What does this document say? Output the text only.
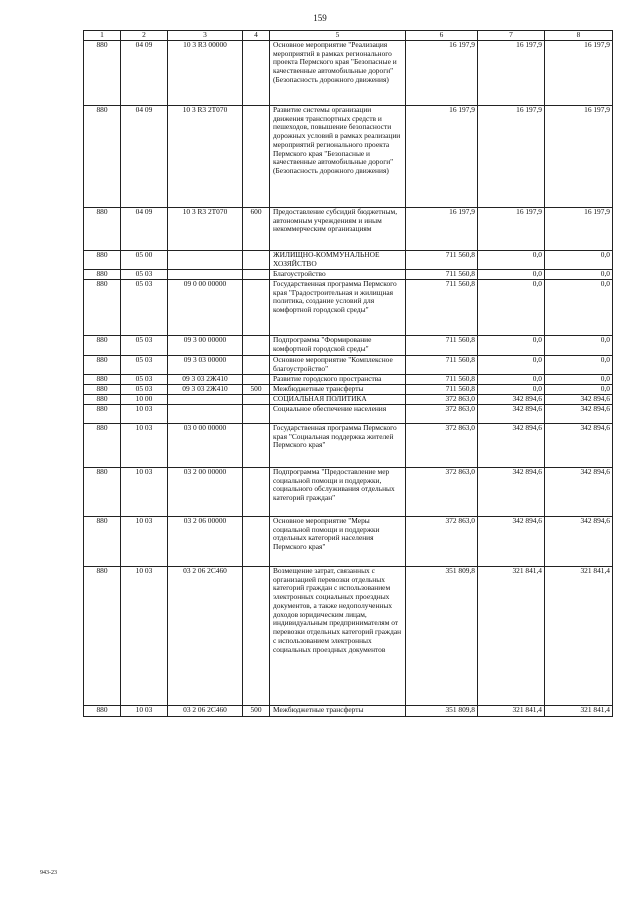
159
1	2	3	4	5	6	7	8
880	04 09	10 3 R3 00000		Основное мероприятие "Реализация мероприятий в рамках регионального проекта Пермского края "Безопасные и качественные автомобильные дороги" (Безопасность дорожного движения)	16 197,9	16 197,9	16 197,9
880	04 09	10 3 R3 2Т070		Развитие системы организации движения транспортных средств и пешеходов, повышение безопасности дорожных условий в рамках реализации мероприятий регионального проекта Пермского края "Безопасные и качественные автомобильные дороги" (Безопасность дорожного движения)	16 197,9	16 197,9	16 197,9
880	04 09	10 3 R3 2Т070	600	Предоставление субсидий бюджетным, автономным учреждениям и иным некоммерческим организациям	16 197,9	16 197,9	16 197,9
880	05 00			ЖИЛИЩНО-КОММУНАЛЬНОЕ ХОЗЯЙСТВО	711 560,8	0,0	0,0
880	05 03			Благоустройство	711 560,8	0,0	0,0
880	05 03	09 0 00 00000		Государственная программа Пермского края "Градостроительная и жилищная политика, создание условий для комфортной городской среды"	711 560,8	0,0	0,0
880	05 03	09 3 00 00000		Подпрограмма "Формирование комфортной городской среды"	711 560,8	0,0	0,0
880	05 03	09 3 03 00000		Основное мероприятие "Комплексное благоустройство"	711 560,8	0,0	0,0
880	05 03	09 3 03 2Ж410		Развитие городского пространства	711 560,8	0,0	0,0
880	05 03	09 3 03 2Ж410	500	Межбюджетные трансферты	711 560,8	0,0	0,0
880	10 00			СОЦИАЛЬНАЯ ПОЛИТИКА	372 863,0	342 894,6	342 894,6
880	10 03			Социальное обеспечение населения	372 863,0	342 894,6	342 894,6
880	10 03	03 0 00 00000		Государственная программа Пермского края "Социальная поддержка жителей Пермского края"	372 863,0	342 894,6	342 894,6
880	10 03	03 2 00 00000		Подпрограмма "Предоставление мер социальной помощи и поддержки, социального обслуживания отдельных категорий граждан"	372 863,0	342 894,6	342 894,6
880	10 03	03 2 06 00000		Основное мероприятие "Меры социальной помощи и поддержки отдельных категорий населения Пермского края"	372 863,0	342 894,6	342 894,6
880	10 03	03 2 06 2С460		Возмещение затрат, связанных с организацией перевозки отдельных категорий граждан с использованием электронных социальных проездных документов, а также недополученных доходов юридическим лицам, индивидуальным предпринимателям от перевозки отдельных категорий граждан с использованием электронных социальных проездных документов	351 809,8	321 841,4	321 841,4
880	10 03	03 2 06 2С460	500	Межбюджетные трансферты	351 809,8	321 841,4	321 841,4
943-23
